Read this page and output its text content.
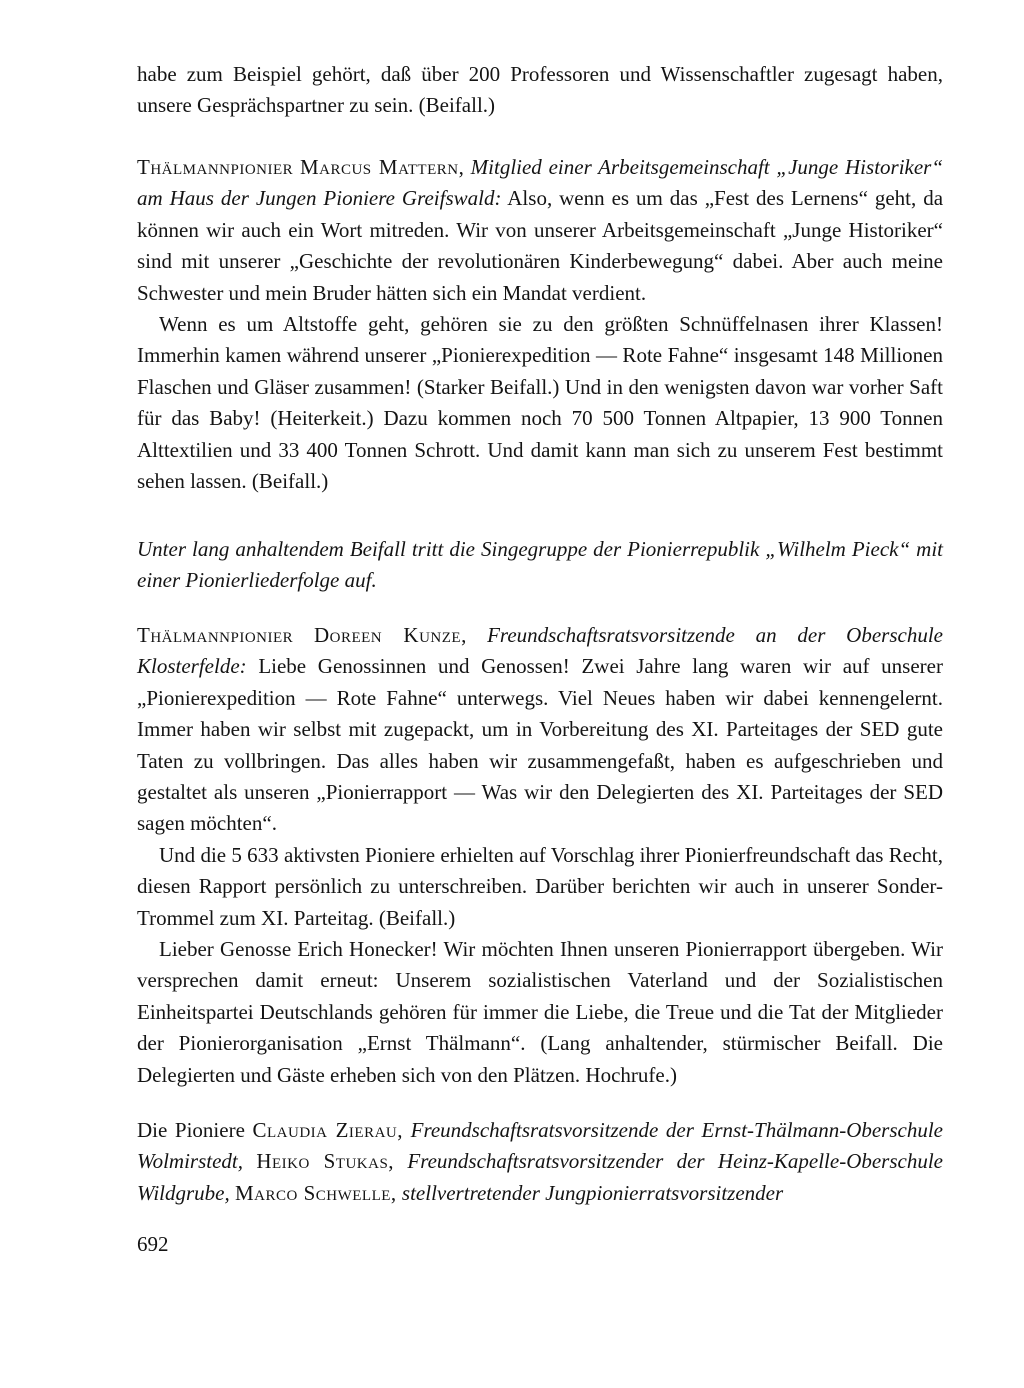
habe zum Beispiel gehört, daß über 200 Professoren und Wissenschaftler zugesagt haben, unsere Gesprächspartner zu sein. (Beifall.)

Thälmannpionier Marcus Mattern, Mitglied einer Arbeitsgemeinschaft „Junge Historiker“ am Haus der Jungen Pioniere Greifswald: Also, wenn es um das „Fest des Lernens“ geht, da können wir auch ein Wort mitreden. Wir von unserer Arbeitsgemeinschaft „Junge Historiker“ sind mit unserer „Geschichte der revolutionären Kinderbewegung“ dabei. Aber auch meine Schwester und mein Bruder hätten sich ein Mandat verdient.

Wenn es um Altstoffe geht, gehören sie zu den größten Schnüffelnasen ihrer Klassen! Immerhin kamen während unserer „Pionierexpedition — Rote Fahne“ insgesamt 148 Millionen Flaschen und Gläser zusammen! (Starker Beifall.) Und in den wenigsten davon war vorher Saft für das Baby! (Heiterkeit.) Dazu kommen noch 70 500 Tonnen Altpapier, 13 900 Tonnen Alttextilien und 33 400 Tonnen Schrott. Und damit kann man sich zu unserem Fest bestimmt sehen lassen. (Beifall.)

Unter lang anhaltendem Beifall tritt die Singegruppe der Pionierrepublik „Wilhelm Pieck“ mit einer Pionierliederfolge auf.

Thälmannpionier Doreen Kunze, Freundschaftsratsvorsitzende an der Oberschule Klosterfelde: Liebe Genossinnen und Genossen! Zwei Jahre lang waren wir auf unserer „Pionierexpedition — Rote Fahne“ unterwegs. Viel Neues haben wir dabei kennengelernt. Immer haben wir selbst mit zugepackt, um in Vorbereitung des XI. Parteitages der SED gute Taten zu vollbringen. Das alles haben wir zusammengefaßt, haben es aufgeschrieben und gestaltet als unseren „Pionierrapport — Was wir den Delegierten des XI. Parteitages der SED sagen möchten“.

Und die 5 633 aktivsten Pioniere erhielten auf Vorschlag ihrer Pionierfreundschaft das Recht, diesen Rapport persönlich zu unterschreiben. Darüber berichten wir auch in unserer Sonder-Trommel zum XI. Parteitag. (Beifall.)

Lieber Genosse Erich Honecker! Wir möchten Ihnen unseren Pionierrapport übergeben. Wir versprechen damit erneut: Unserem sozialistischen Vaterland und der Sozialistischen Einheitspartei Deutschlands gehören für immer die Liebe, die Treue und die Tat der Mitglieder der Pionierorganisation „Ernst Thälmann“. (Lang anhaltender, stürmischer Beifall. Die Delegierten und Gäste erheben sich von den Plätzen. Hochrufe.)

Die Pioniere Claudia Zierau, Freundschaftsratsvorsitzende der Ernst-Thälmann-Oberschule Wolmirstedt, Heiko Stukas, Freundschaftsratsvorsitzender der Heinz-Kapelle-Oberschule Wildgrube, Marco Schwelle, stellvertretender Jungpionierratsvorsitzender

692
